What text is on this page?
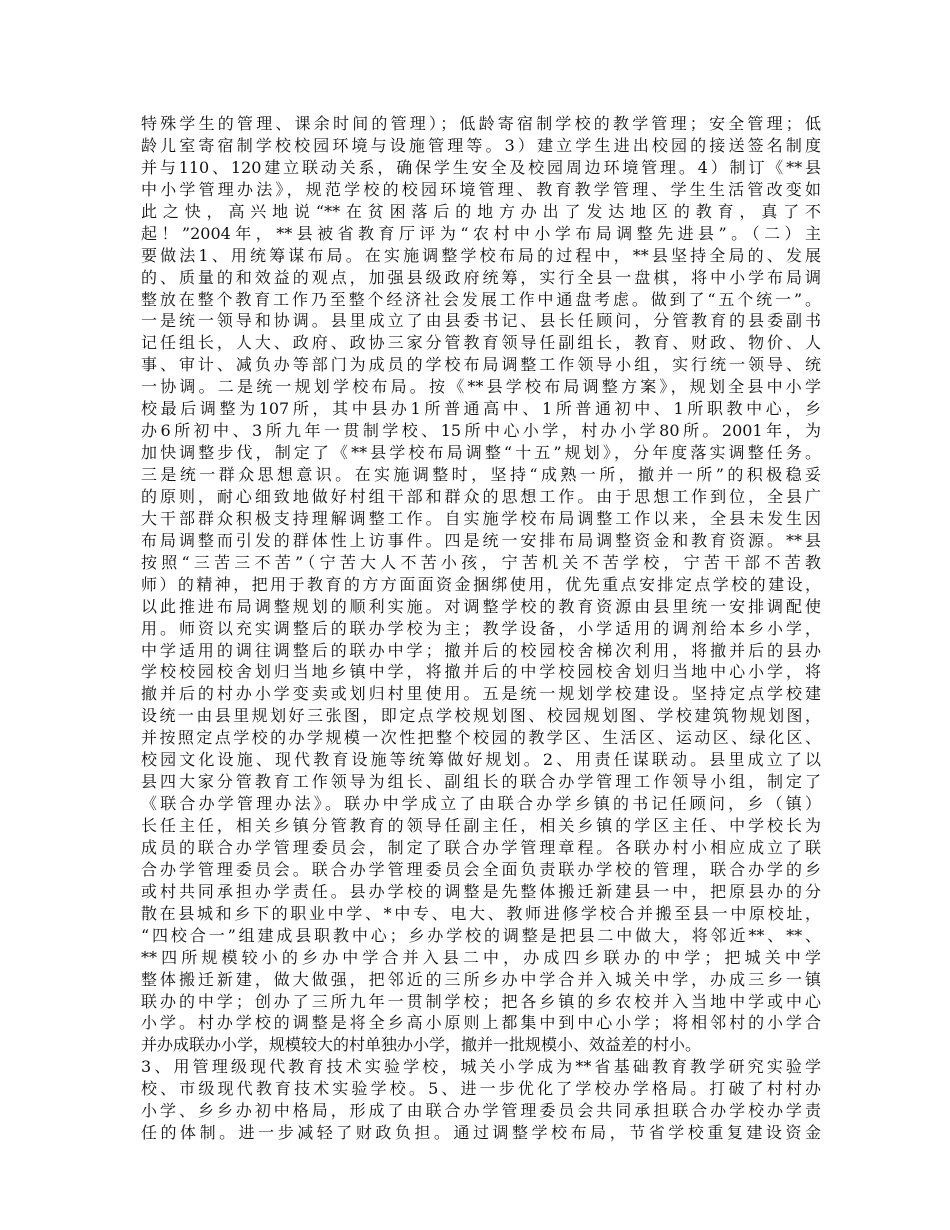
特殊学生的管理、课余时间的管理）；低龄寄宿制学校的教学管理；安全管理；低
龄儿室寄宿制学校校园环境与设施管理等。3）建立学生进出校园的接送签名制度
并与110、120建立联动关系，确保学生安全及校园周边环境管理。4）制订《**县
中小学管理办法》，规范学校的校园环境管理、教育教学管理、学生生活管改变如
此之快，高兴地说“**在贫困落后的地方办出了发达地区的教育，真了不
起！”2004年，**县被省教育厅评为“农村中小学布局调整先进县”。（二）主
要做法1、用统筹谋布局。在实施调整学校布局的过程中，**县坚持全局的、发展
的、质量的和效益的观点，加强县级政府统筹，实行全县一盘棋，将中小学布局调
整放在整个教育工作乃至整个经济社会发展工作中通盘考虑。做到了“五个统一”。
一是统一领导和协调。县里成立了由县委书记、县长任顾问，分管教育的县委副书
记任组长，人大、政府、政协三家分管教育领导任副组长，教育、财政、物价、人
事、审计、减负办等部门为成员的学校布局调整工作领导小组，实行统一领导、统
一协调。二是统一规划学校布局。按《**县学校布局调整方案》，规划全县中小学
校最后调整为107所，其中县办1所普通高中、1所普通初中、1所职教中心，乡
办6所初中、3所九年一贯制学校、15所中心小学，村办小学80所。2001年，为
加快调整步伐，制定了《**县学校布局调整“十五”规划》，分年度落实调整任务。
三是统一群众思想意识。在实施调整时，坚持“成熟一所，撤并一所”的积极稳妥
的原则，耐心细致地做好村组干部和群众的思想工作。由于思想工作到位，全县广
大干部群众积极支持理解调整工作。自实施学校布局调整工作以来，全县未发生因
布局调整而引发的群体性上访事件。四是统一安排布局调整资金和教育资源。**县
按照“三苦三不苦”（宁苦大人不苦小孩，宁苦机关不苦学校，宁苦干部不苦教
师）的精神，把用于教育的方方面面资金捆绑使用，优先重点安排定点学校的建设，
以此推进布局调整规划的顺利实施。对调整学校的教育资源由县里统一安排调配使
用。师资以充实调整后的联办学校为主；教学设备，小学适用的调剂给本乡小学，
中学适用的调往调整后的联办中学；撤并后的校园校舍梯次利用，将撤并后的县办
学校校园校舍划归当地乡镇中学，将撤并后的中学校园校舍划归当地中心小学，将
撤并后的村办小学变卖或划归村里使用。五是统一规划学校建设。坚持定点学校建
设统一由县里规划好三张图，即定点学校规划图、校园规划图、学校建筑物规划图，
并按照定点学校的办学规模一次性把整个校园的教学区、生活区、运动区、绿化区、
校园文化设施、现代教育设施等统筹做好规划。2、用责任谋联动。县里成立了以
县四大家分管教育工作领导为组长、副组长的联合办学管理工作领导小组，制定了
《联合办学管理办法》。联办中学成立了由联合办学乡镇的书记任顾问，乡（镇）
长任主任，相关乡镇分管教育的领导任副主任，相关乡镇的学区主任、中学校长为
成员的联合办学管理委员会，制定了联合办学管理章程。各联办村小相应成立了联
合办学管理委员会。联合办学管理委员会全面负责联办学校的管理，联合办学的乡
或村共同承担办学责任。县办学校的调整是先整体搬迁新建县一中，把原县办的分
散在县城和乡下的职业中学、*中专、电大、教师进修学校合并搬至县一中原校址，
“四校合一”组建成县职教中心；乡办学校的调整是把县二中做大，将邻近**、**、
**四所规模较小的乡办中学合并入县二中，办成四乡联办的中学；把城关中学
整体搬迁新建，做大做强，把邻近的三所乡办中学合并入城关中学，办成三乡一镇
联办的中学；创办了三所九年一贯制学校；把各乡镇的乡农校并入当地中学或中心
小学。村办学校的调整是将全乡高小原则上都集中到中心小学；将相邻村的小学合
并办成联办小学，规模较大的村单独办小学，撤并一批规模小、效益差的村小。
3、用管理级现代教育技术实验学校，城关小学成为**省基础教育教学研究实验学
校、市级现代教育技术实验学校。5、进一步优化了学校办学格局。打破了村村办
小学、乡乡办初中格局，形成了由联合办学管理委员会共同承担联合办学校办学责
任的体制。进一步减轻了财政负担。通过调整学校布局，节省学校重复建设资金
